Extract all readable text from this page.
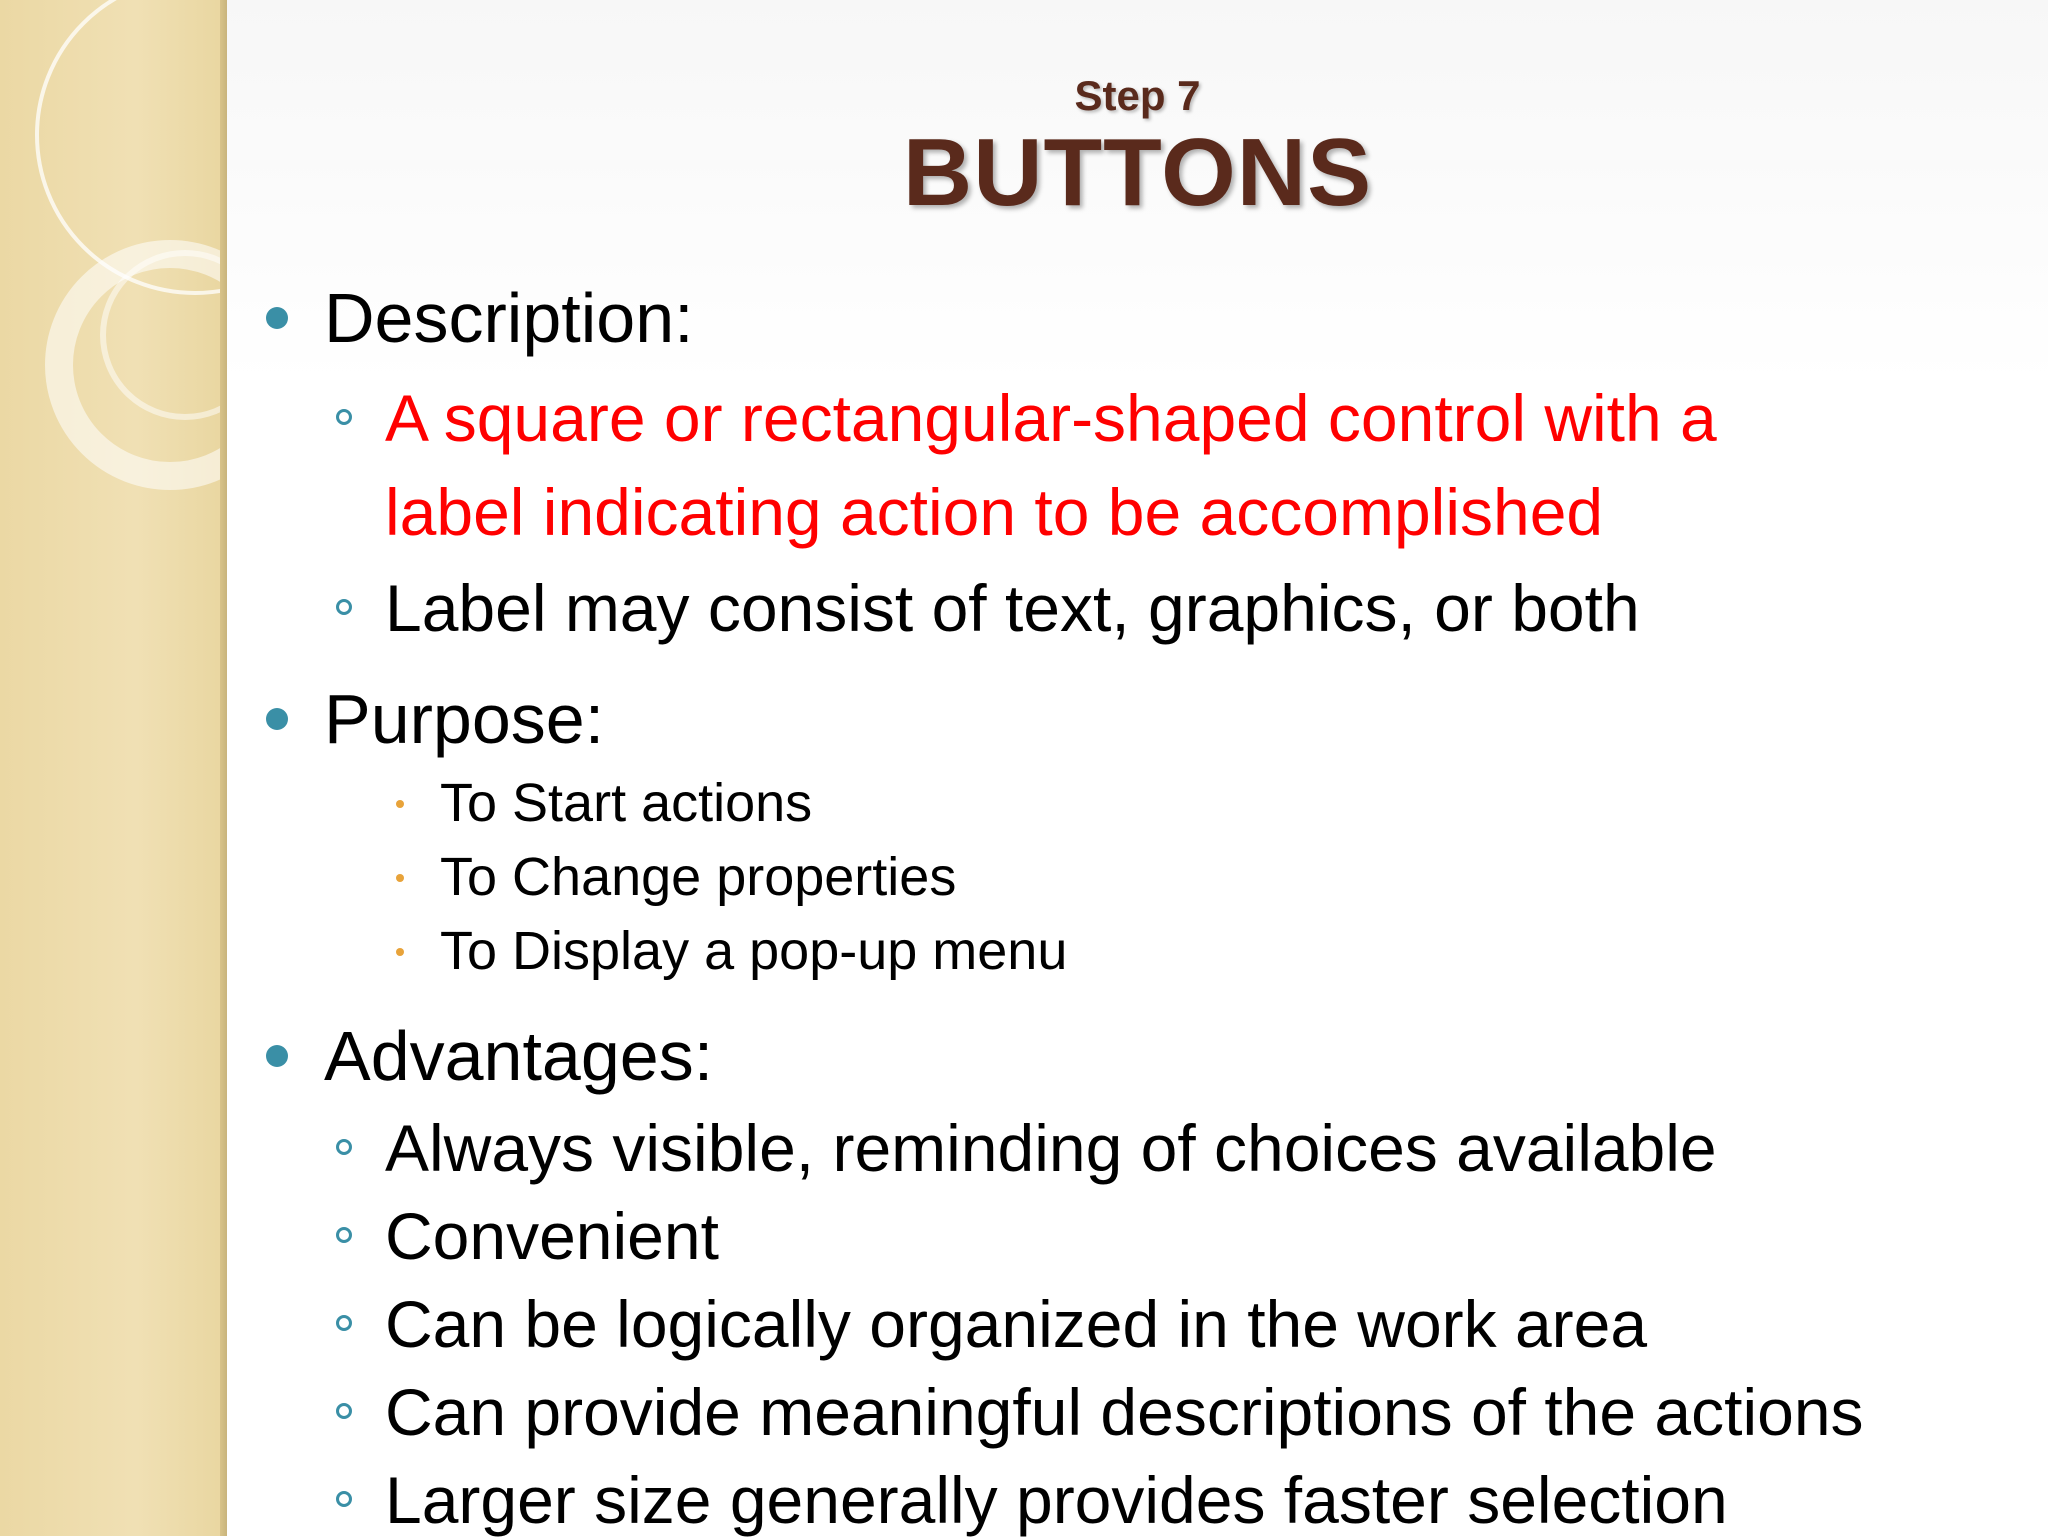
Step 7
BUTTONS
Description:
A square or rectangular-shaped control with a
label indicating action to be accomplished
Label may consist of text, graphics, or both
Purpose:
To Start actions
To Change properties
To Display a pop-up menu
Advantages:
Always visible, reminding of choices available
Convenient
Can be logically organized in the work area
Can provide meaningful descriptions of the actions
Larger size generally provides faster selection
